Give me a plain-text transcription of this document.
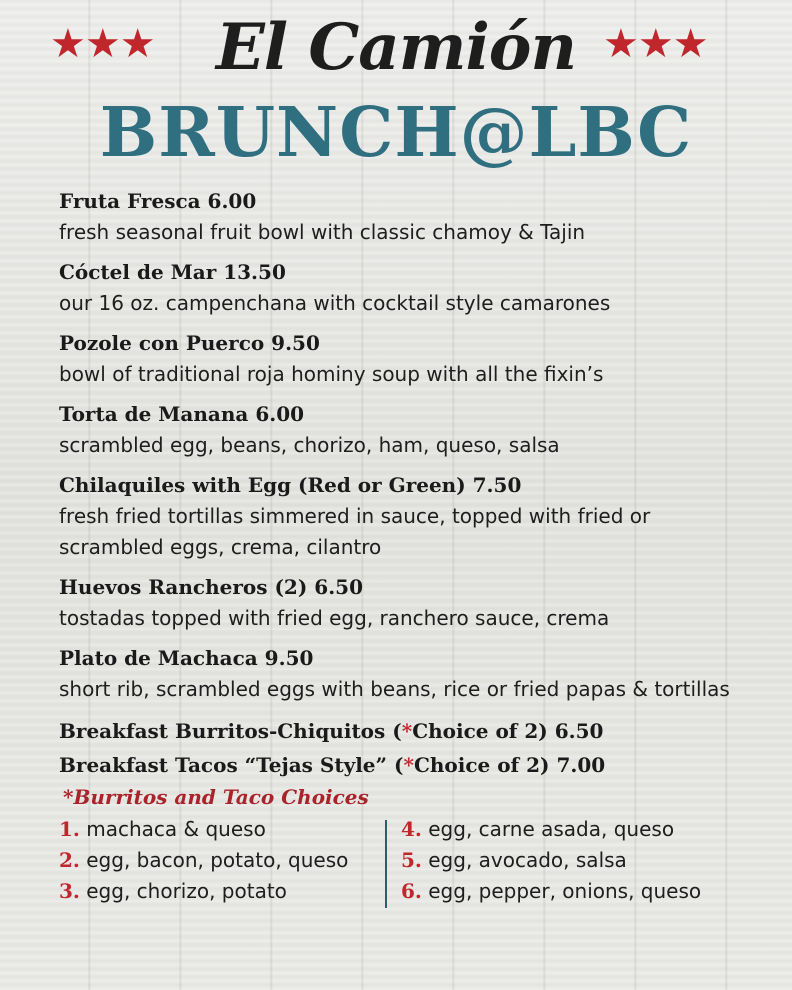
★★★ El Camión ★★★
BRUNCH@LBC
Fruta Fresca 6.00
fresh seasonal fruit bowl with classic chamoy & Tajin
Cóctel de Mar 13.50
our 16 oz. campenchana with cocktail style camarones
Pozole con Puerco 9.50
bowl of traditional roja hominy soup with all the fixin’s
Torta de Manana 6.00
scrambled egg, beans, chorizo, ham, queso, salsa
Chilaquiles with Egg (Red or Green) 7.50
fresh fried tortillas simmered in sauce, topped with fried or scrambled eggs, crema, cilantro
Huevos Rancheros (2) 6.50
tostadas topped with fried egg, ranchero sauce, crema
Plato de Machaca 9.50
short rib, scrambled eggs with beans, rice or fried papas & tortillas
Breakfast Burritos-Chiquitos (*Choice of 2) 6.50
Breakfast Tacos “Tejas Style” (*Choice of 2) 7.00
*Burritos and Taco Choices
1. machaca & queso
2. egg, bacon, potato, queso
3. egg, chorizo, potato
4. egg, carne asada, queso
5. egg, avocado, salsa
6. egg, pepper, onions, queso
